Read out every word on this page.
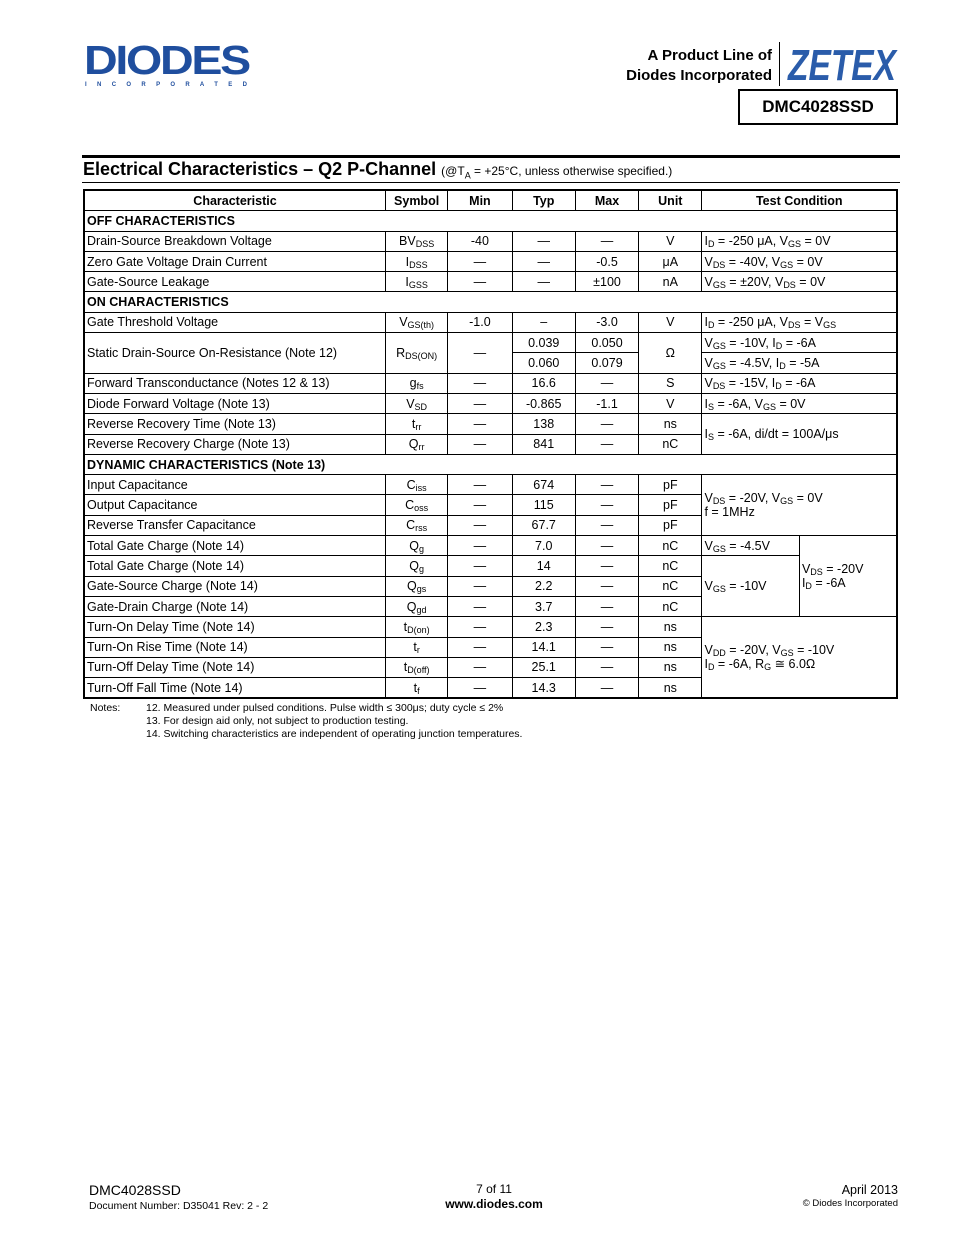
DIODES
I N C O R P O R A T E D
A Product Line of
Diodes Incorporated ZETEX
DMC4028SSD
Electrical Characteristics – Q2 P-Channel ($@T_A = +25^\circ C$, unless otherwise specified.)
Characteristic	Symbol	Min	Typ	Max	Unit	Test Condition	
OFF CHARACTERISTICS							
Drain-Source Breakdown Voltage	$BV_{DSS}$	-40	—	—	V	$I_D = -250$ μA, $V_{GS} = 0V$	
Zero Gate Voltage Drain Current	$I_{DSS}$	—	—	-0.5	μA	$V_{DS} = -40V$, $V_{GS} = 0V$	
Gate-Source Leakage	$I_{GSS}$	—	—	±100	nA	$V_{GS} = \pm 20V$, $V_{DS} = 0V$	
ON CHARACTERISTICS							
Gate Threshold Voltage	$V_{GS(th)}$	-1.0	–	-3.0	V	$I_D = -250$ μA, $V_{DS} = V_{GS}$
Static Drain-Source On-Resistance (Note 12)	$R_{DS(ON)}$	—	0.039	0.050	Ω	$V_{GS} = -10V$, $I_D = -6A$	
			0.060	0.079		$V_{GS} = -4.5V$, $I_D = -5A$	
Forward Transconductance (Notes 12 & 13)	$g_{fs}$	—	16.6	—	S	$V_{DS} = -15V$, $I_D = -6A$	
Diode Forward Voltage (Note 13)	$V_{SD}$	—	-0.865	-1.1	V	$I_S = -6A$, $V_{GS} = 0V$	
Reverse Recovery Time (Note 13)	$t_{rr}$	—	138	—	ns	$I_S = -6A$, di/dt = 100A/μs	
Reverse Recovery Charge (Note 13)	$Q_{rr}$	—	841	—	nC		
DYNAMIC CHARACTERISTICS (Note 13)							
Input Capacitance	$C_{iss}$	—	674	—	pF	$V_{DS} = -20V$, $V_{GS} = 0V$
f = 1MHz	
Output Capacitance	$C_{oss}$	—	115	—	pF		
Reverse Transfer Capacitance	$C_{rss}$	—	67.7	—	pF		
Total Gate Charge (Note 14)	$Q_g$	—	7.0	—	nC	$V_{GS} = -4.5V$	$V_{DS} = -20V$
$I_D = -6A$
Total Gate Charge (Note 14)	$Q_g$	—	14	—	nC	$V_{GS} = -10V$	
Gate-Source Charge (Note 14)	$Q_{gs}$	—	2.2	—	nC		
Gate-Drain Charge (Note 14)	$Q_{gd}$	—	3.7	—	nC		
Turn-On Delay Time (Note 14)	$t_{D(on)}$	—	2.3	—	ns	$V_{DD} = -20V$, $V_{GS} = -10V$
$I_D = -6A$, $R_G$ ≅ 6.0Ω	
Turn-On Rise Time (Note 14)	$t_r$	—	14.1	—	ns		
Turn-Off Delay Time (Note 14)	$t_{D(off)}$	—	25.1	—	ns		
Turn-Off Fall Time (Note 14)	$t_f$	—	14.3	—	ns		
Notes: 12. Measured under pulsed conditions. Pulse width ≤ 300μs; duty cycle ≤ 2%
13. For design aid only, not subject to production testing.
14. Switching characteristics are independent of operating junction temperatures.
DMC4028SSD
Document Number: D35041 Rev: 2 - 2
7 of 11
www.diodes.com
April 2013
© Diodes Incorporated
